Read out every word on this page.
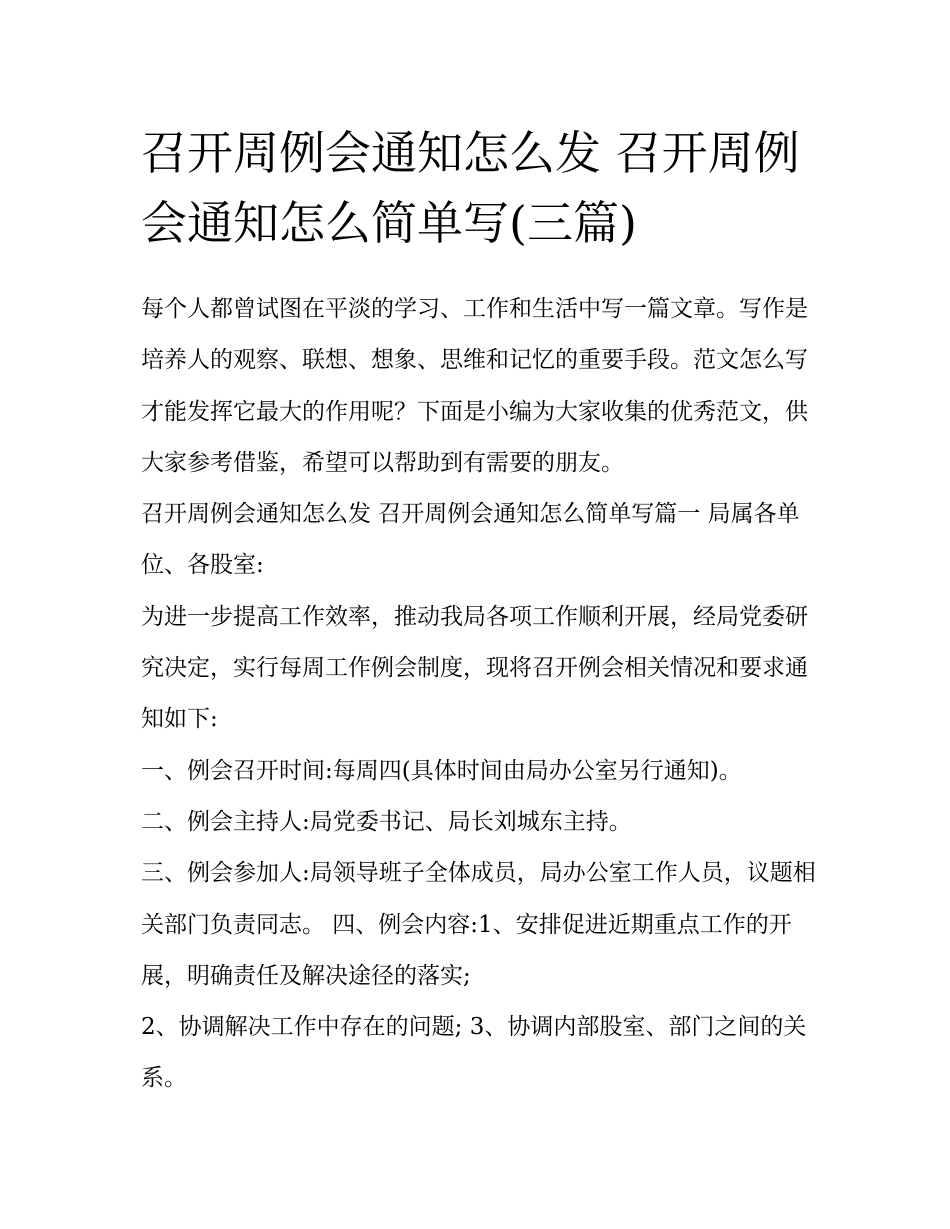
召开周例会通知怎么发 召开周例会通知怎么简单写(三篇)

每个人都曾试图在平淡的学习、工作和生活中写一篇文章。写作是培养人的观察、联想、想象、思维和记忆的重要手段。范文怎么写才能发挥它最大的作用呢？下面是小编为大家收集的优秀范文，供大家参考借鉴，希望可以帮助到有需要的朋友。

召开周例会通知怎么发 召开周例会通知怎么简单写篇一 局属各单位、各股室:

为进一步提高工作效率，推动我局各项工作顺利开展，经局党委研究决定，实行每周工作例会制度，现将召开例会相关情况和要求通知如下:

一、例会召开时间:每周四(具体时间由局办公室另行通知)。

二、例会主持人:局党委书记、局长刘城东主持。

三、例会参加人:局领导班子全体成员，局办公室工作人员，议题相关部门负责同志。 四、例会内容:1、安排促进近期重点工作的开展，明确责任及解决途径的落实;

2、协调解决工作中存在的问题; 3、协调内部股室、部门之间的关系。
